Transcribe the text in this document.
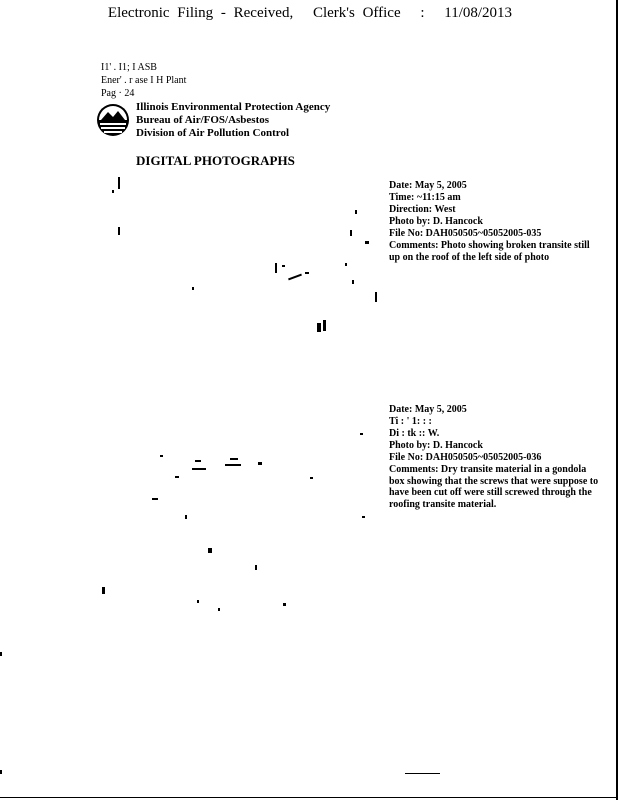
Electronic Filing - Received, Clerk's Office : 11/08/2013
I1' . I1; I ASB
Ener' . r ase I H Plant
Pag · 24
Illinois Environmental Protection Agency
Bureau of Air/FOS/Asbestos
Division of Air Pollution Control
DIGITAL PHOTOGRAPHS
Date: May 5, 2005
Time: ~11:15 am
Direction: West
Photo by: D. Hancock
File No: DAH050505~05052005-035
Comments: Photo showing broken transite still up on the roof of the left side of photo
Date: May 5, 2005
Ti : ' 1: : :
Di : tk :: W.
Photo by: D. Hancock
File No: DAH050505~05052005-036
Comments: Dry transite material in a gondola box showing that the screws that were suppose to have been cut off were still screwed through the roofing transite material.
